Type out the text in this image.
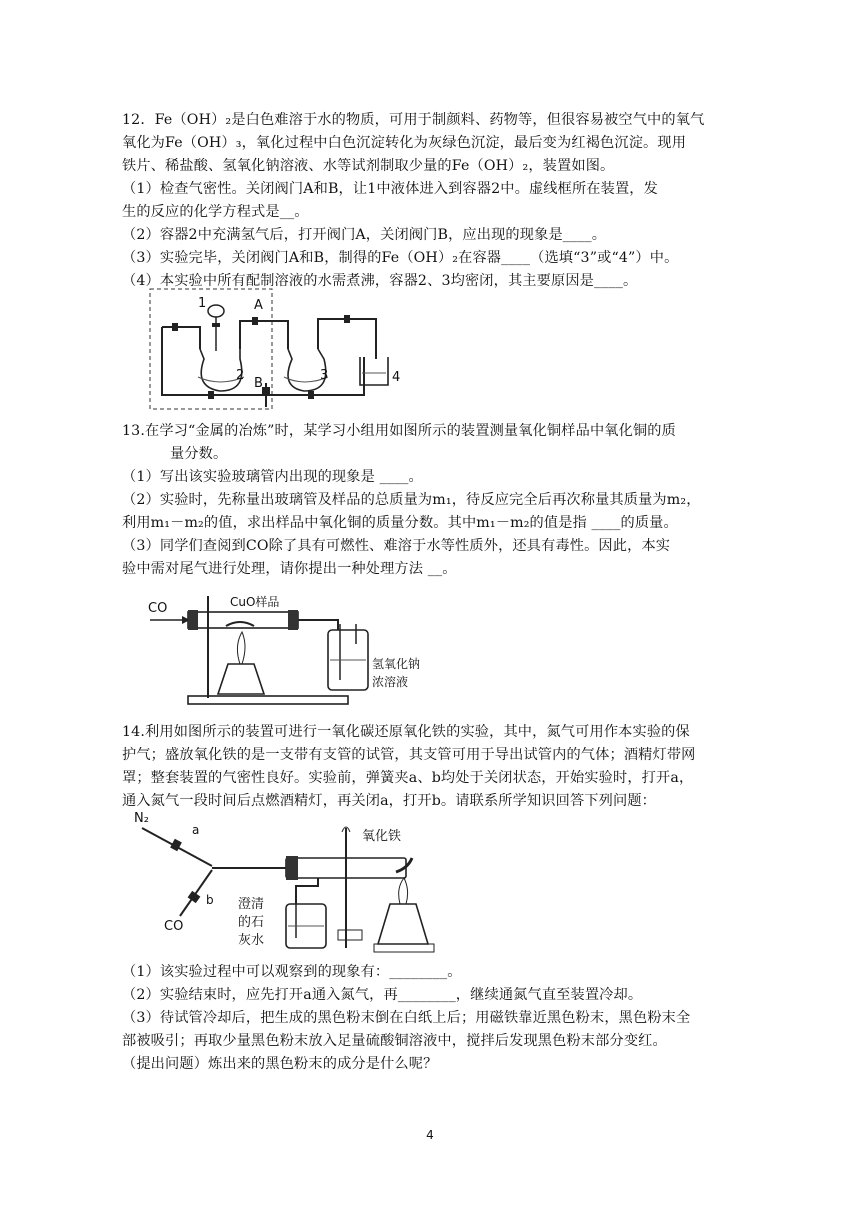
12．Fe（OH）₂是白色难溶于水的物质，可用于制颜料、药物等，但很容易被空气中的氧气
氧化为Fe（OH）₃，氧化过程中白色沉淀转化为灰绿色沉淀，最后变为红褐色沉淀。现用
铁片、稀盐酸、氢氧化钠溶液、水等试剂制取少量的Fe（OH）₂，装置如图。
（1）检查气密性。关闭阀门A和B，让1中液体进入到容器2中。虚线框所在装置，发
生的反应的化学方程式是__。
（2）容器2中充满氢气后，打开阀门A，关闭阀门B，应出现的现象是____。
（3）实验完毕，关闭阀门A和B，制得的Fe（OH）₂在容器____（选填“3”或“4”）中。
（4）本实验中所有配制溶液的水需煮沸，容器2、3均密闭，其主要原因是____。
1	A
2
B
3	4
13.在学习“金属的冶炼”时，某学习小组用如图所示的装置测量氧化铜样品中氧化铜的质
量分数。
（1）写出该实验玻璃管内出现的现象是 ____。
（2）实验时，先称量出玻璃管及样品的总质量为m₁，待反应完全后再次称量其质量为m₂，
利用m₁－m₂的值，求出样品中氧化铜的质量分数。其中m₁－m₂的值是指 ____的质量。
（3）同学们查阅到CO除了具有可燃性、难溶于水等性质外，还具有毒性。因此，本实
验中需对尾气进行处理，请你提出一种处理方法 __。
CO	CuO样品
氢氧化钠
浓溶液
14.利用如图所示的装置可进行一氧化碳还原氧化铁的实验，其中，氮气可用作本实验的保
护气；盛放氧化铁的是一支带有支管的试管，其支管可用于导出试管内的气体；酒精灯带网
罩；整套装置的气密性良好。实验前，弹簧夹a、b均处于关闭状态，开始实验时，打开a，
通入氮气一段时间后点燃酒精灯，再关闭a，打开b。请联系所学知识回答下列问题：
N₂
a
b
CO
氧化铁
澄清
的石
灰水
（1）该实验过程中可以观察到的现象有：________。
（2）实验结束时，应先打开a通入氮气，再________，继续通氮气直至装置冷却。
（3）待试管冷却后，把生成的黑色粉末倒在白纸上后；用磁铁靠近黑色粉末，黑色粉末全
部被吸引；再取少量黑色粉末放入足量硫酸铜溶液中，搅拌后发现黑色粉末部分变红。
（提出问题）炼出来的黑色粉末的成分是什么呢？
4
